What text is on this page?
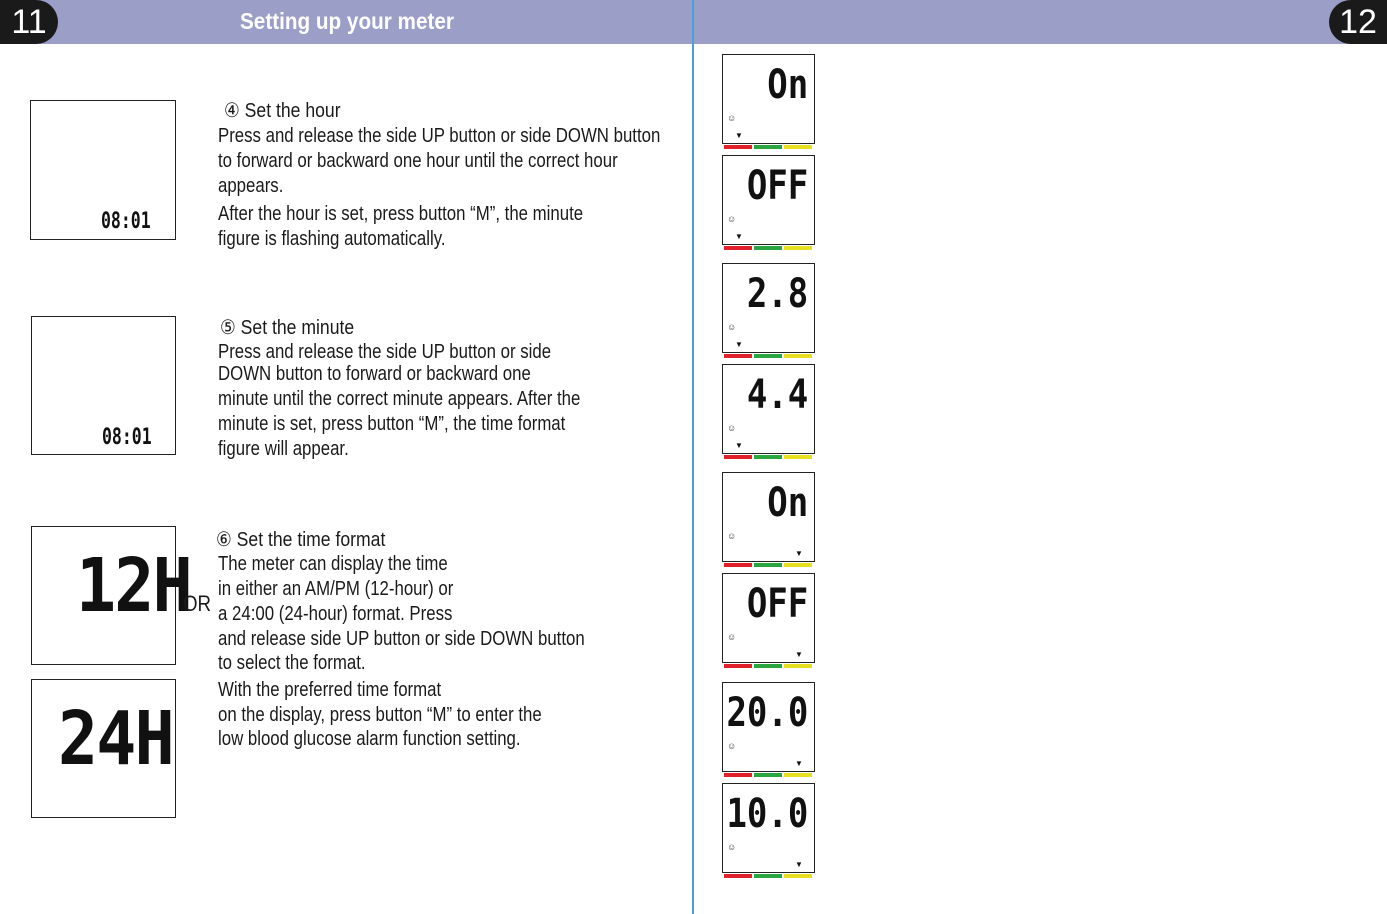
11	Setting up your meter	12
08:01
④ Set the hour
Press and release the side UP button or side DOWN button
to forward or backward one hour until the correct hour
appears.
After the hour is set, press button “M”, the minute
figure is flashing automatically.
08:01
⑤ Set the minute
Press and release the side UP button or side
DOWN button to forward or backward one
minute until the correct minute appears. After the
minute is set, press button “M”, the time format
figure will appear.
12H
OR
24H
⑥ Set the time format
The meter can display the time
in either an AM/PM (12-hour) or
a 24:00 (24-hour) format. Press
and release side UP button or side DOWN button
to select the format.
With the preferred time format
on the display, press button “M” to enter the
low blood glucose alarm function setting.
On
☺
▼
OFF
☺
▼
2.8
☺
▼
4.4
☺
▼
On
☺
▼
OFF
☺
▼
20.0
☺
▼
10.0
☺
▼
